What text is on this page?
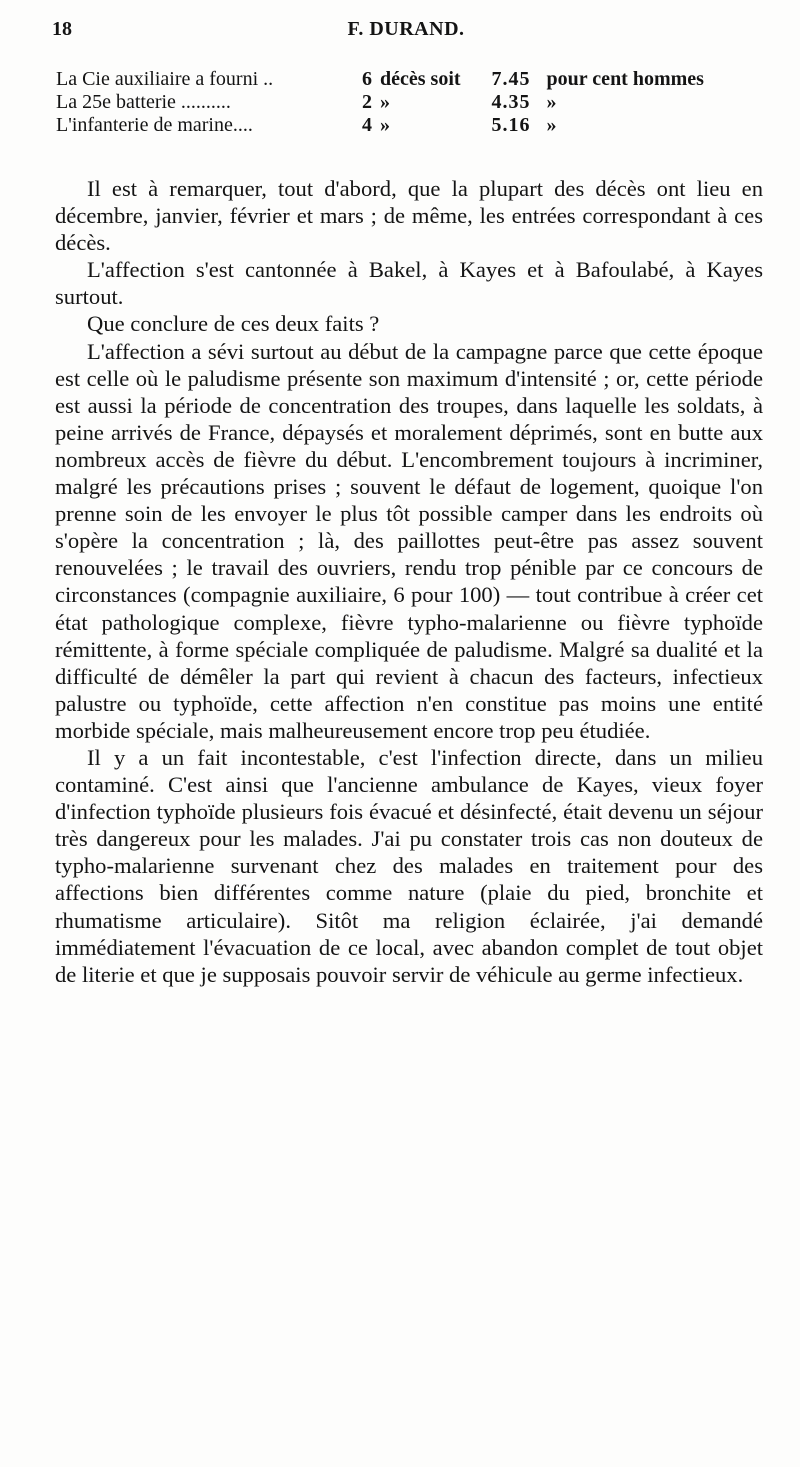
18	F. DURAND.
La Cie auxiliaire a fourni ..	6	décès soit	7.45	pour cent hommes
La 25e batterie ..........	2	»	4.35	»
L'infanterie de marine....	4	»	5.16	»

Il est à remarquer, tout d'abord, que la plupart des décès ont lieu en décembre, janvier, février et mars ; de même, les entrées correspondant à ces décès.

L'affection s'est cantonnée à Bakel, à Kayes et à Bafoulabé, à Kayes surtout.

Que conclure de ces deux faits ?

L'affection a sévi surtout au début de la campagne parce que cette époque est celle où le paludisme présente son maximum d'intensité ; or, cette période est aussi la période de concentration des troupes, dans laquelle les soldats, à peine arrivés de France, dépaysés et moralement déprimés, sont en butte aux nombreux accès de fièvre du début. L'encombrement toujours à incriminer, malgré les précautions prises ; souvent le défaut de logement, quoique l'on prenne soin de les envoyer le plus tôt possible camper dans les endroits où s'opère la concentration ; là, des paillottes peut-être pas assez souvent renouvelées ; le travail des ouvriers, rendu trop pénible par ce concours de circonstances (compagnie auxiliaire, 6 pour 100) — tout contribue à créer cet état pathologique complexe, fièvre typho-malarienne ou fièvre typhoïde rémittente, à forme spéciale compliquée de paludisme. Malgré sa dualité et la difficulté de démêler la part qui revient à chacun des facteurs, infectieux palustre ou typhoïde, cette affection n'en constitue pas moins une entité morbide spéciale, mais malheureusement encore trop peu étudiée.

Il y a un fait incontestable, c'est l'infection directe, dans un milieu contaminé. C'est ainsi que l'ancienne ambulance de Kayes, vieux foyer d'infection typhoïde plusieurs fois évacué et désinfecté, était devenu un séjour très dangereux pour les malades. J'ai pu constater trois cas non douteux de typho-malarienne survenant chez des malades en traitement pour des affections bien différentes comme nature (plaie du pied, bronchite et rhumatisme articulaire). Sitôt ma religion éclairée, j'ai demandé immédiatement l'évacuation de ce local, avec abandon complet de tout objet de literie et que je supposais pouvoir servir de véhicule au germe infectieux.
